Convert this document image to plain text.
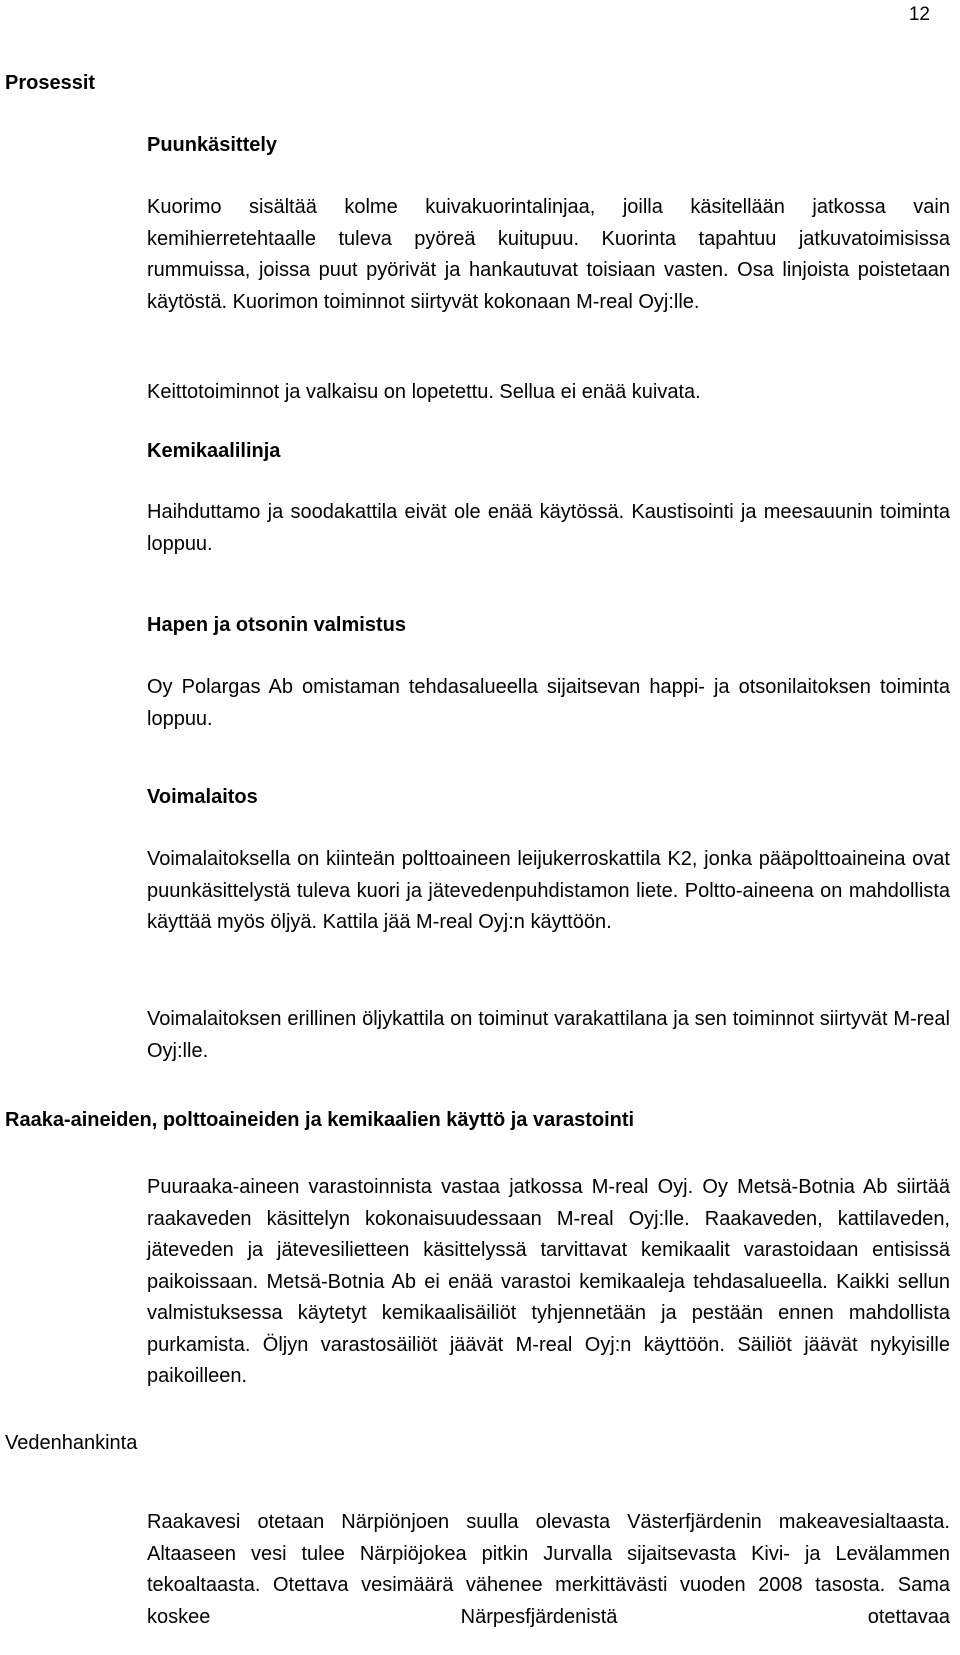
12
Prosessit
Puunkäsittely

Kuorimo sisältää kolme kuivakuorintalinjaa, joilla käsitellään jatkossa vain kemihierretehtaalle tuleva pyöreä kuitupuu. Kuorinta tapahtuu jatkuvatoimisissa rummuissa, joissa puut pyörivät ja hankautuvat toisiaan vasten. Osa linjoista poistetaan käytöstä. Kuorimon toiminnot siirtyvät kokonaan M-real Oyj:lle.

Keittotoiminnot ja valkaisu on lopetettu. Sellua ei enää kuivata.

Kemikaalilinja

Haihduttamo ja soodakattila eivät ole enää käytössä. Kaustisointi ja meesauunin toiminta loppuu.

Hapen ja otsonin valmistus

Oy Polargas Ab omistaman tehdasalueella sijaitsevan happi- ja otsonilaitoksen toiminta loppuu.

Voimalaitos

Voimalaitoksella on kiinteän polttoaineen leijukerroskattila K2, jonka pääpolttoaineina ovat puunkäsittelystä tuleva kuori ja jätevedenpuhdistamon liete. Poltto-aineena on mahdollista käyttää myös öljyä. Kattila jää M-real Oyj:n käyttöön.

Voimalaitoksen erillinen öljykattila on toiminut varakattilana ja sen toiminnot siirtyvät M-real Oyj:lle.

Raaka-aineiden, polttoaineiden ja kemikaalien käyttö ja varastointi

Puuraaka-aineen varastoinnista vastaa jatkossa M-real Oyj. Oy Metsä-Botnia Ab siirtää raakaveden käsittelyn kokonaisuudessaan M-real Oyj:lle. Raakaveden, kattilaveden, jäteveden ja jätevesilietteen käsittelyssä tarvittavat kemikaalit varastoidaan entisissä paikoissaan. Metsä-Botnia Ab ei enää varastoi kemikaaleja tehdasalueella. Kaikki sellun valmistuksessa käytetyt kemikaalisäiliöt tyhjennetään ja pestään ennen mahdollista purkamista. Öljyn varastosäiliöt jäävät M-real Oyj:n käyttöön. Säiliöt jäävät nykyisille paikoilleen.

Vedenhankinta

Raakavesi otetaan Närpiönjoen suulla olevasta Västerfjärdenin makeavesialtaasta. Altaaseen vesi tulee Närpiöjokea pitkin Jurvalla sijaitsevasta Kivi- ja Levälammen tekoaltaasta. Otettava vesimäärä vähenee merkittävästi vuoden 2008 tasosta. Sama koskee Närpesfjärdenistä otettavaa
